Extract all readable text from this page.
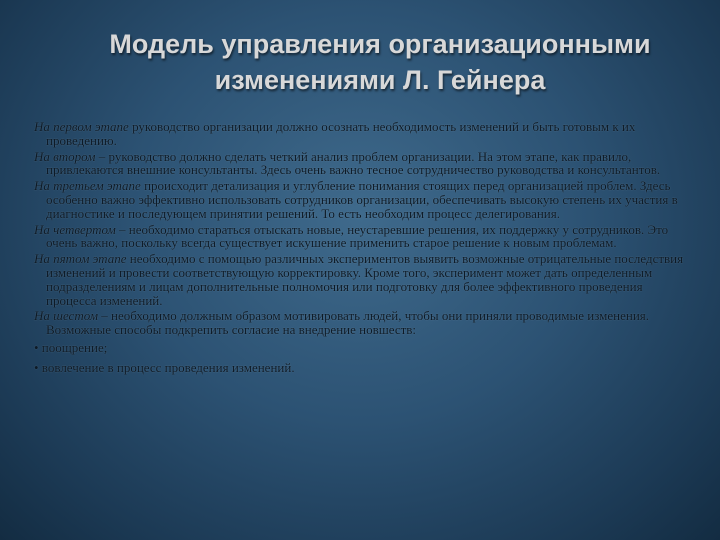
Модель управления организационными
изменениями Л. Гейнера

На первом этапе руководство организации должно осознать необходимость изменений и быть готовым к их проведению.

На втором – руководство должно сделать четкий анализ проблем организации. На этом этапе, как правило, привлекаются внешние консультанты. Здесь очень важно тесное сотрудничество руководства и консультантов.

На третьем этапе происходит детализация и углубление понимания стоящих перед организацией проблем. Здесь особенно важно эффективно использовать сотрудников организации, обеспечивать высокую степень их участия в диагностике и последующем принятии решений. То есть необходим процесс делегирования.

На четвертом – необходимо стараться отыскать новые, неустаревшие решения, их поддержку у сотрудников. Это очень важно, поскольку всегда существует искушение применить старое решение к новым проблемам.

На пятом этапе необходимо с помощью различных экспериментов выявить возможные отрицательные последствия изменений и провести соответствующую корректировку. Кроме того, эксперимент может дать определенным подразделениям и лицам дополнительные полномочия или подготовку для более эффективного проведения процесса изменений.

На шестом – необходимо должным образом мотивировать людей, чтобы они приняли проводимые изменения. Возможные способы подкрепить согласие на внедрение новшеств:

• поощрение;

• вовлечение в процесс проведения изменений.
